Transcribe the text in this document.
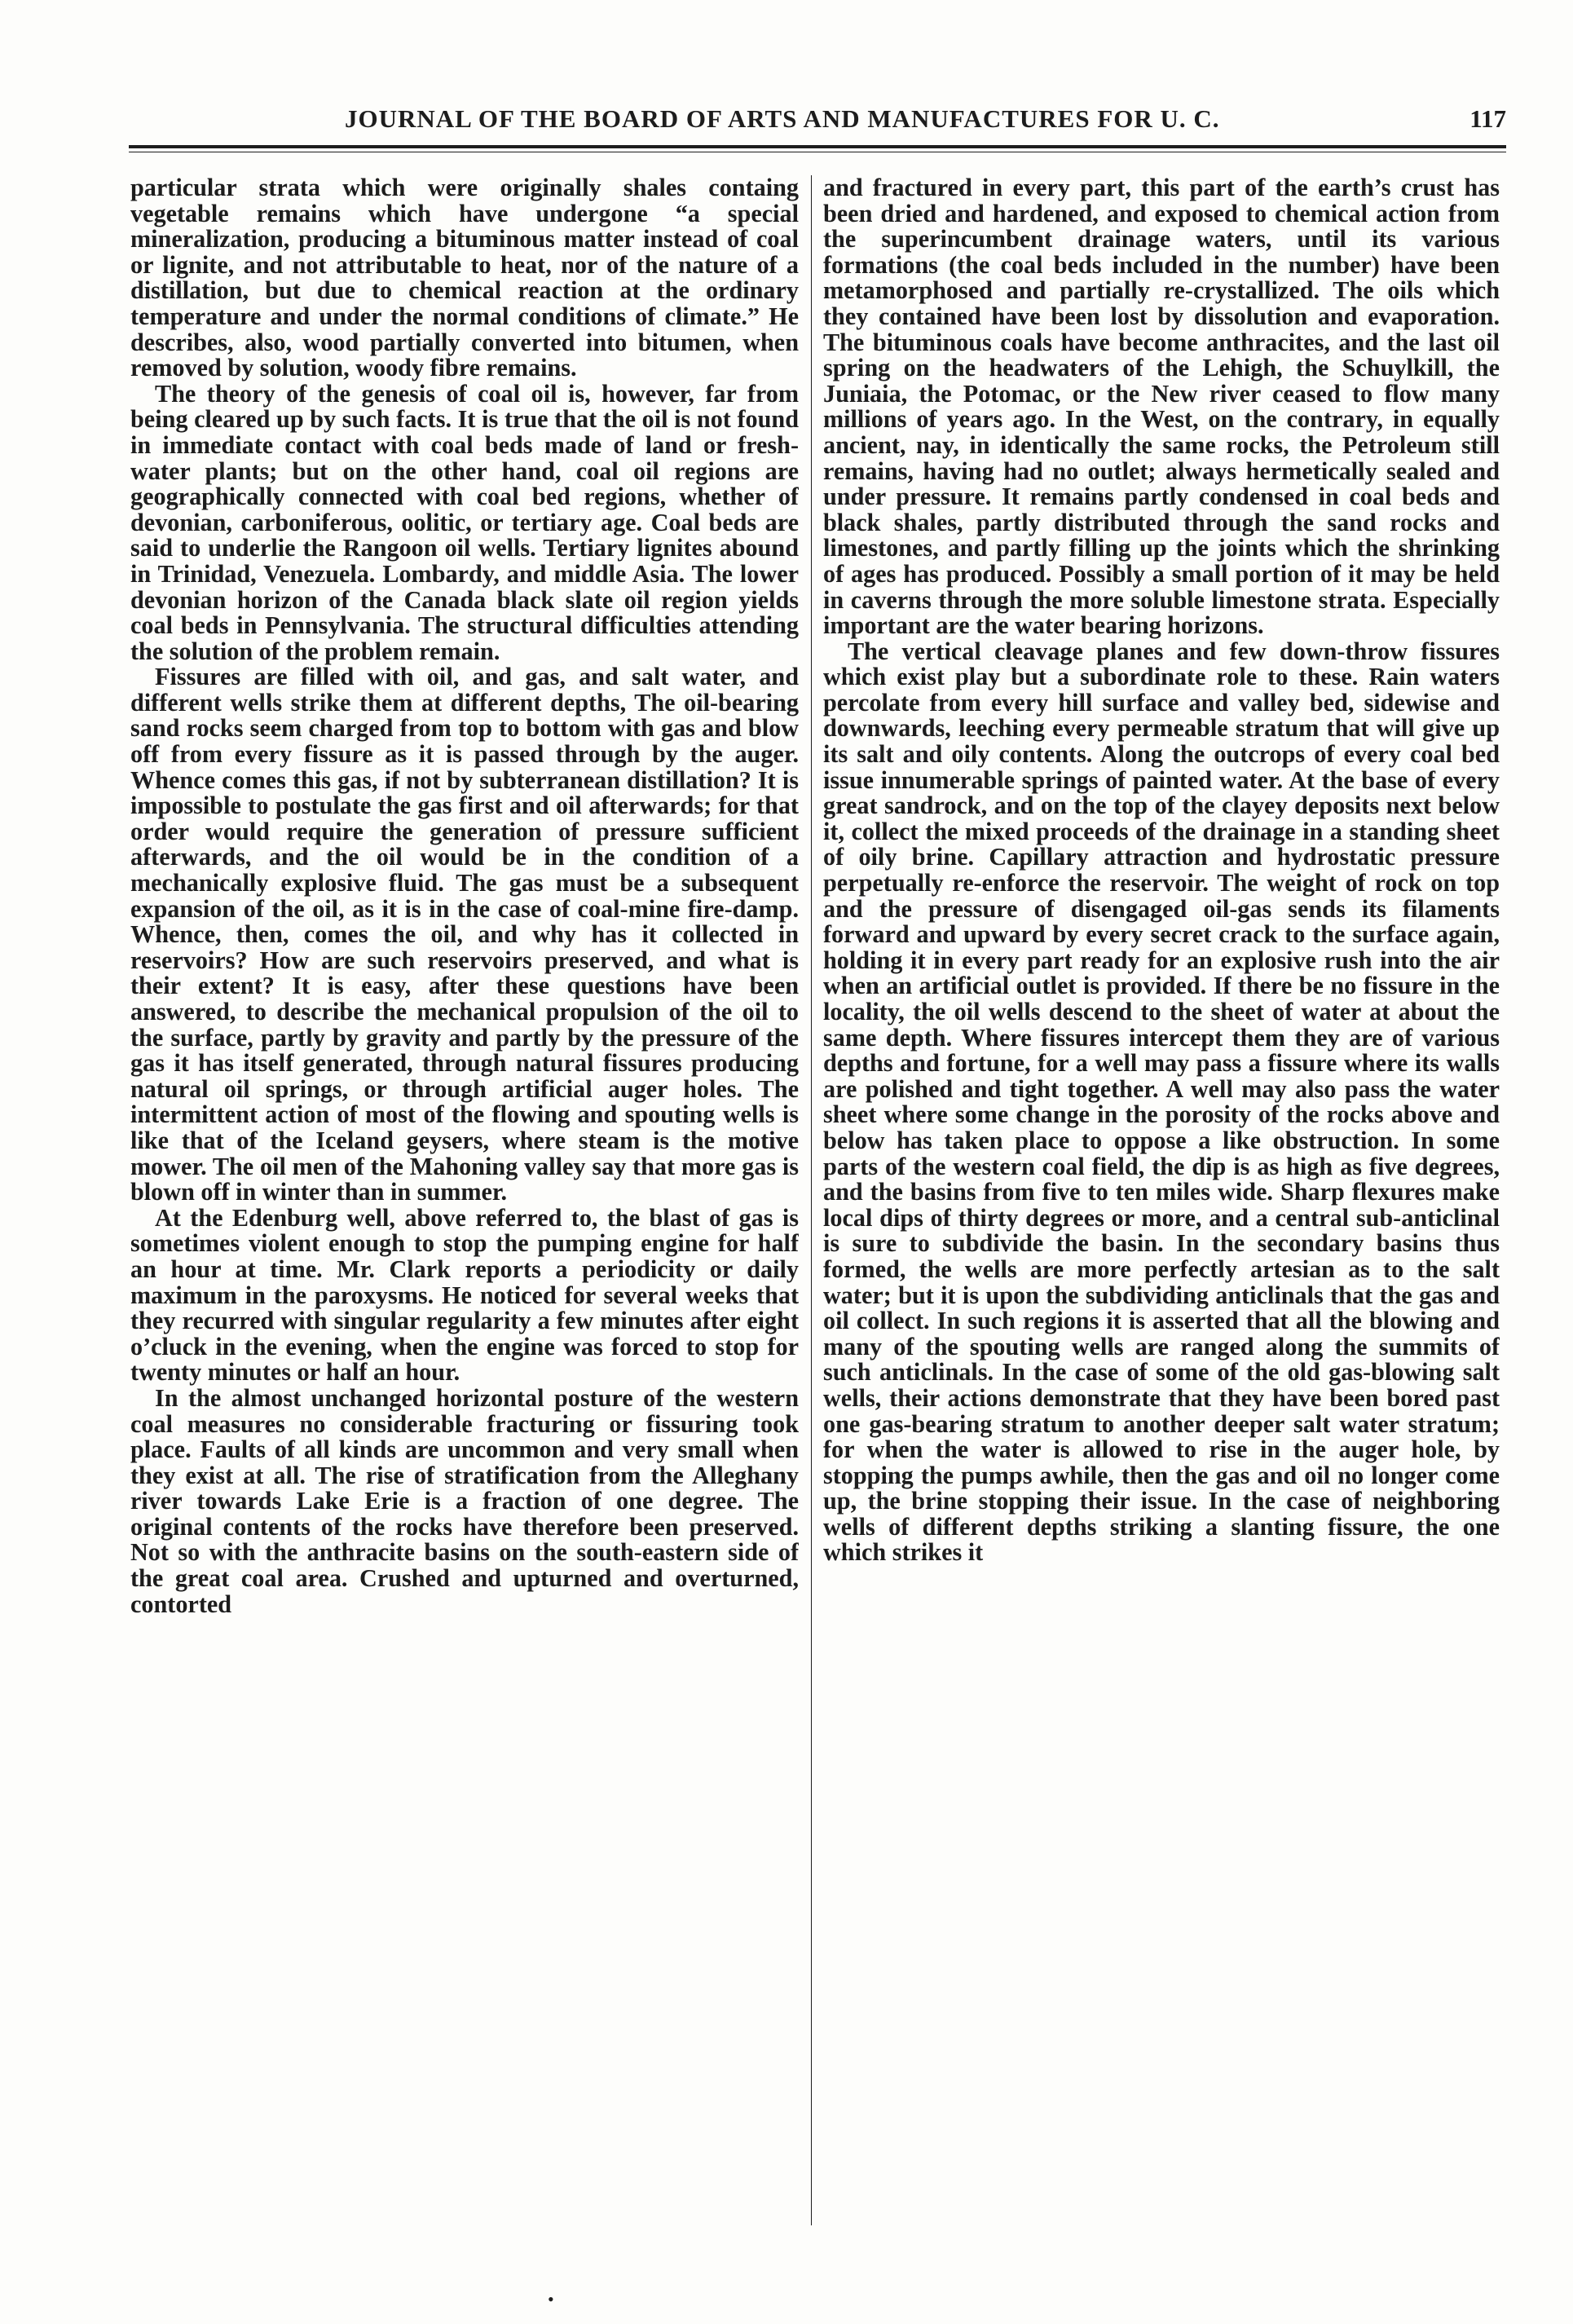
JOURNAL OF THE BOARD OF ARTS AND MANUFACTURES FOR U. C.	117

particular strata which were originally shales containg vegetable remains which have undergone “a special mineralization, producing a bituminous matter instead of coal or lignite, and not attributable to heat, nor of the nature of a distillation, but due to chemical reaction at the ordinary temperature and under the normal conditions of climate.” He describes, also, wood partially converted into bitumen, when removed by solution, woody fibre remains.

The theory of the genesis of coal oil is, however, far from being cleared up by such facts. It is true that the oil is not found in immediate contact with coal beds made of land or fresh-water plants; but on the other hand, coal oil regions are geographically connected with coal bed regions, whether of devonian, carboniferous, oolitic, or tertiary age. Coal beds are said to underlie the Rangoon oil wells. Tertiary lignites abound in Trinidad, Venezuela. Lombardy, and middle Asia. The lower devonian horizon of the Canada black slate oil region yields coal beds in Pennsylvania. The structural difficulties attending the solution of the problem remain.

Fissures are filled with oil, and gas, and salt water, and different wells strike them at different depths, The oil-bearing sand rocks seem charged from top to bottom with gas and blow off from every fissure as it is passed through by the auger. Whence comes this gas, if not by subterranean distillation? It is impossible to postulate the gas first and oil afterwards; for that order would require the generation of pressure sufficient afterwards, and the oil would be in the condition of a mechanically explosive fluid. The gas must be a subsequent expansion of the oil, as it is in the case of coal-mine fire-damp. Whence, then, comes the oil, and why has it collected in reservoirs? How are such reservoirs preserved, and what is their extent? It is easy, after these questions have been answered, to describe the mechanical propulsion of the oil to the surface, partly by gravity and partly by the pressure of the gas it has itself generated, through natural fissures producing natural oil springs, or through artificial auger holes. The intermittent action of most of the flowing and spouting wells is like that of the Iceland geysers, where steam is the motive mower. The oil men of the Mahoning valley say that more gas is blown off in winter than in summer.

At the Edenburg well, above referred to, the blast of gas is sometimes violent enough to stop the pumping engine for half an hour at time. Mr. Clark reports a periodicity or daily maximum in the paroxysms. He noticed for several weeks that they recurred with singular regularity a few minutes after eight o’cluck in the evening, when the engine was forced to stop for twenty minutes or half an hour.

In the almost unchanged horizontal posture of the western coal measures no considerable fracturing or fissuring took place. Faults of all kinds are uncommon and very small when they exist at all. The rise of stratification from the Alleghany river towards Lake Erie is a fraction of one degree. The original contents of the rocks have therefore been preserved. Not so with the anthracite basins on the south-eastern side of the great coal area. Crushed and upturned and overturned, contorted

and fractured in every part, this part of the earth’s crust has been dried and hardened, and exposed to chemical action from the superincumbent drainage waters, until its various formations (the coal beds included in the number) have been metamorphosed and partially re-crystallized. The oils which they contained have been lost by dissolution and evaporation. The bituminous coals have become anthracites, and the last oil spring on the headwaters of the Lehigh, the Schuylkill, the Juniaia, the Potomac, or the New river ceased to flow many millions of years ago. In the West, on the contrary, in equally ancient, nay, in identically the same rocks, the Petroleum still remains, having had no outlet; always hermetically sealed and under pressure. It remains partly condensed in coal beds and black shales, partly distributed through the sand rocks and limestones, and partly filling up the joints which the shrinking of ages has produced. Possibly a small portion of it may be held in caverns through the more soluble limestone strata. Especially important are the water bearing horizons.

The vertical cleavage planes and few down-throw fissures which exist play but a subordinate role to these. Rain waters percolate from every hill surface and valley bed, sidewise and downwards, leeching every permeable stratum that will give up its salt and oily contents. Along the outcrops of every coal bed issue innumerable springs of painted water. At the base of every great sandrock, and on the top of the clayey deposits next below it, collect the mixed proceeds of the drainage in a standing sheet of oily brine. Capillary attraction and hydrostatic pressure perpetually re-enforce the reservoir. The weight of rock on top and the pressure of disengaged oil-gas sends its filaments forward and upward by every secret crack to the surface again, holding it in every part ready for an explosive rush into the air when an artificial outlet is provided. If there be no fissure in the locality, the oil wells descend to the sheet of water at about the same depth. Where fissures intercept them they are of various depths and fortune, for a well may pass a fissure where its walls are polished and tight together. A well may also pass the water sheet where some change in the porosity of the rocks above and below has taken place to oppose a like obstruction. In some parts of the western coal field, the dip is as high as five degrees, and the basins from five to ten miles wide. Sharp flexures make local dips of thirty degrees or more, and a central sub-anticlinal is sure to subdivide the basin. In the secondary basins thus formed, the wells are more perfectly artesian as to the salt water; but it is upon the subdividing anticlinals that the gas and oil collect. In such regions it is asserted that all the blowing and many of the spouting wells are ranged along the summits of such anticlinals. In the case of some of the old gas-blowing salt wells, their actions demonstrate that they have been bored past one gas-bearing stratum to another deeper salt water stratum; for when the water is allowed to rise in the auger hole, by stopping the pumps awhile, then the gas and oil no longer come up, the brine stopping their issue. In the case of neighboring wells of different depths striking a slanting fissure, the one which strikes it

•
